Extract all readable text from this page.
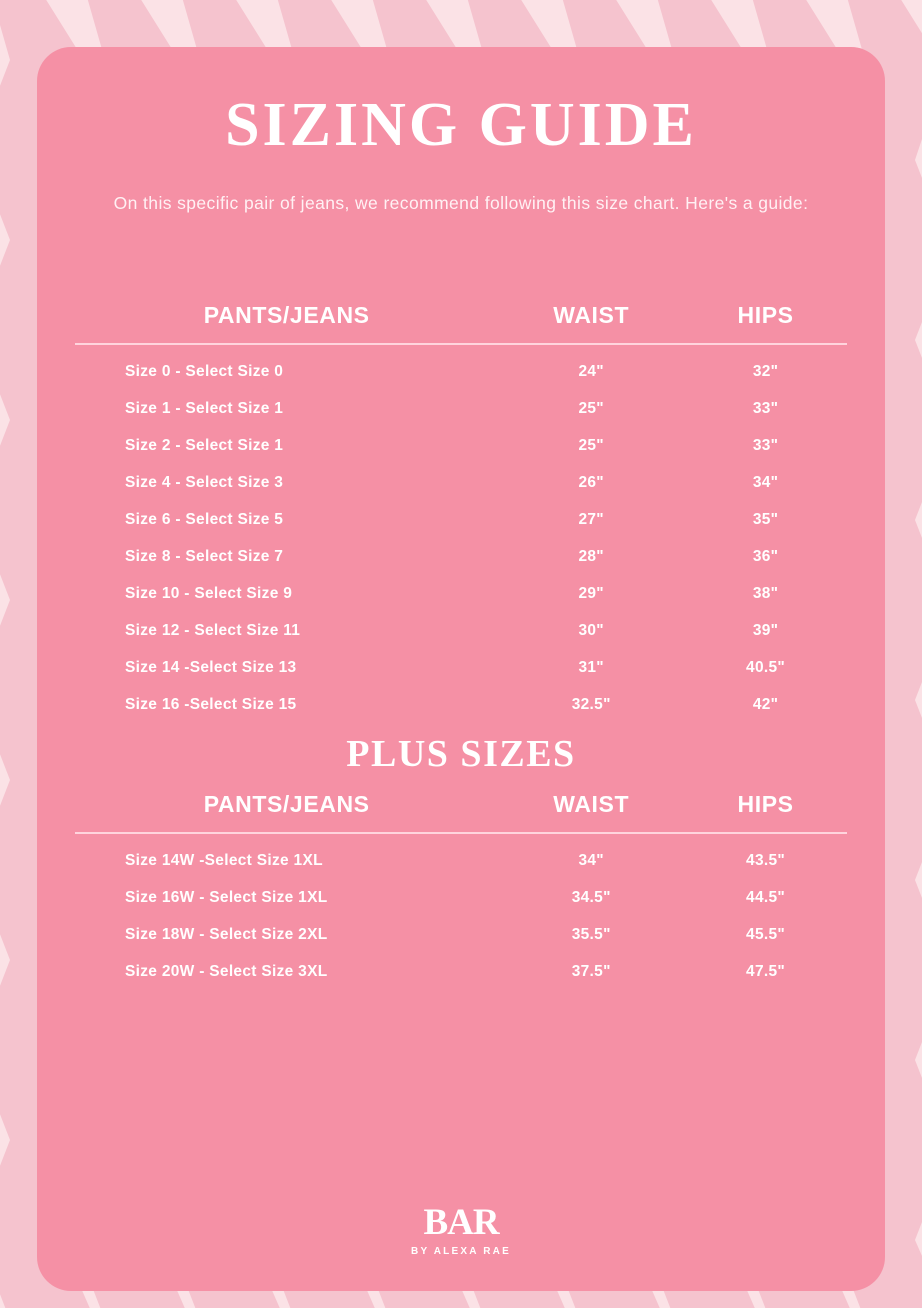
SIZING GUIDE

On this specific pair of jeans, we recommend following this size chart. Here's a guide:

PANTS/JEANS	WAIST	HIPS
Size 0 - Select Size 0	24"	32"
Size 1 - Select Size 1	25"	33"
Size 2 - Select Size 1	25"	33"
Size 4 - Select Size 3	26"	34"
Size 6 - Select Size 5	27"	35"
Size 8 - Select Size 7	28"	36"
Size 10 - Select Size 9	29"	38"
Size 12 - Select Size 11	30"	39"
Size 14 -Select Size 13	31"	40.5"
Size 16 -Select Size 15	32.5"	42"
PLUS SIZES
PANTS/JEANS	WAIST	HIPS
Size 14W -Select Size 1XL	34"	43.5"
Size 16W - Select Size 1XL	34.5"	44.5"
Size 18W - Select Size 2XL	35.5"	45.5"
Size 20W - Select Size 3XL	37.5"	47.5"
BAR
BY ALEXA RAE
